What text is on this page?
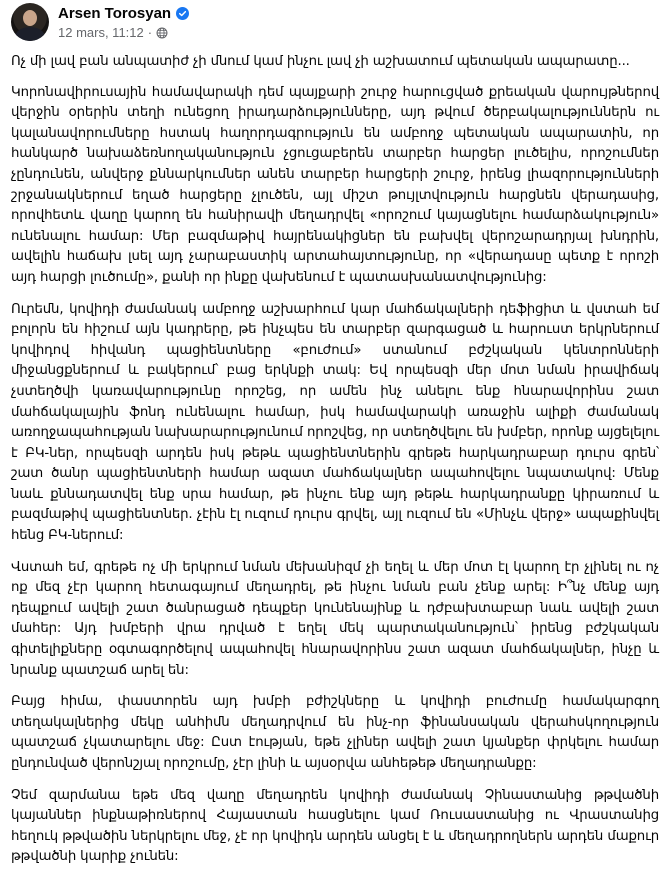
Arsen Torosyan
12 mars, 11:12 ·

Ոչ մի լավ բան անպատիժ չի մնում կամ ինչու լավ չի աշխատում պետական ապարատը...

Կորոնավիրուսային համավարակի դեմ պայքարի շուրջ հարուցված քրեական վարույթներով վերջին օրերին տեղի ունեցող իրադարձությունները, այդ թվում ծերբակալություններն ու կալանավորումները հստակ հաղորդագրություն են ամբողջ պետական ապարատին, որ հանկարծ նախաձեռնողականություն չցուցաբերեն տարբեր հարցեր լուծելիս, որոշումներ չընդունեն, անվերջ քննարկումներ անեն տարբեր հարցերի շուրջ, իրենց լիազորությունների շրջանակներում եղած հարցերը չլուծեն, այլ միշտ թույլտվություն հարցնեն վերադասից, որովհետև վաղը կարող են հանիրավի մեղադրվել «որոշում կայացնելու համարձակություն» ունենալու համար: Մեր բազմաթիվ հայրենակիցներ են բախվել վերոշարադրյալ խնդրին, ավելին հաճախ լսել այդ չարաբաստիկ արտահայտությունը, որ «վերադասը պետք է որոշի այդ հարցի լուծումը», քանի որ ինքը վախենում է պատասխանատվությունից:

Ուրեմն, կովիդի ժամանակ ամբողջ աշխարհում կար մահճակալների դեֆիցիտ և վստահ եմ բոլորն են հիշում այն կադրերը, թե ինչպես են տարբեր զարգացած և հարուստ երկրներում կովիդով հիվանդ պացիենտները «բուժում» ստանում բժշկական կենտրոնների միջանցքներում և բակերում՝ բաց երկնքի տակ: Եվ որպեսզի մեր մոտ նման իրավիճակ չստեղծվի կառավարությունը որոշեց, որ ամեն ինչ անելու ենք հնարավորինս շատ մահճակալային ֆոնդ ունենալու համար, իսկ համավարակի առաջին ալիքի ժամանակ առողջապահության նախարարությունում որոշվեց, որ ստեղծվելու են խմբեր, որոնք այցելելու է ԲԿ-ներ, որպեսզի արդեն իսկ թեթև պացիենտներին գրեթե հարկադրաբար դուրս գրեն՝ շատ ծանր պացիենտների համար ազատ մահճակալներ ապահովելու նպատակով: Մենք նաև քննադատվել ենք սրա համար, թե ինչու ենք այդ թեթև հարկադրանքը կիրառում և բազմաթիվ պացիենտներ. չէին էլ ուզում դուրս գրվել, այլ ուզում են «Մինչև վերջ» ապաքինվել հենց ԲԿ-ներում:

Վստահ եմ, գրեթե ոչ մի երկրում նման մեխանիզմ չի եղել և մեր մոտ էլ կարող էր չլինել ու ոչ ոք մեզ չէր կարող հետագայում մեղադրել, թե ինչու նման բան չենք արել: Ի՞նչ մենք այդ դեպքում ավելի շատ ծանրացած դեպքեր կունենայինք և դժբախտաբար նաև ավելի շատ մահեր: Այդ խմբերի վրա դրված է եղել մեկ պարտականություն՝ իրենց բժշկական գիտելիքները օգտագործելով ապահովել հնարավորինս շատ ազատ մահճակալներ, ինչը և նրանք պատշաճ արել են:

Բայց հիմա, փաստորեն այդ խմբի բժիշկները և կովիդի բուժումը համակարգող տեղակալներից մեկը անհիմն մեղադրվում են ինչ-որ ֆինանսական վերահսկողություն պատշաճ չկատարելու մեջ: Ըստ էության, եթե չլիներ ավելի շատ կյանքեր փրկելու համար ընդունված վերոնշյալ որոշումը, չէր լինի և այսօրվա անհեթեթ մեղադրանքը:

Չեմ զարմանա եթե մեզ վաղը մեղադրեն կովիդի ժամանակ Չինաստանից թթվածնի կայաններ ինքնաթիռներով Հայաստան հասցնելու կամ Ռուսաստանից ու Վրաստանից հեղուկ թթվածին ներկրելու մեջ, չէ որ կովիդն արդեն անցել է և մեղադրողներն արդեն մաքուր թթվածնի կարիք չունեն:
